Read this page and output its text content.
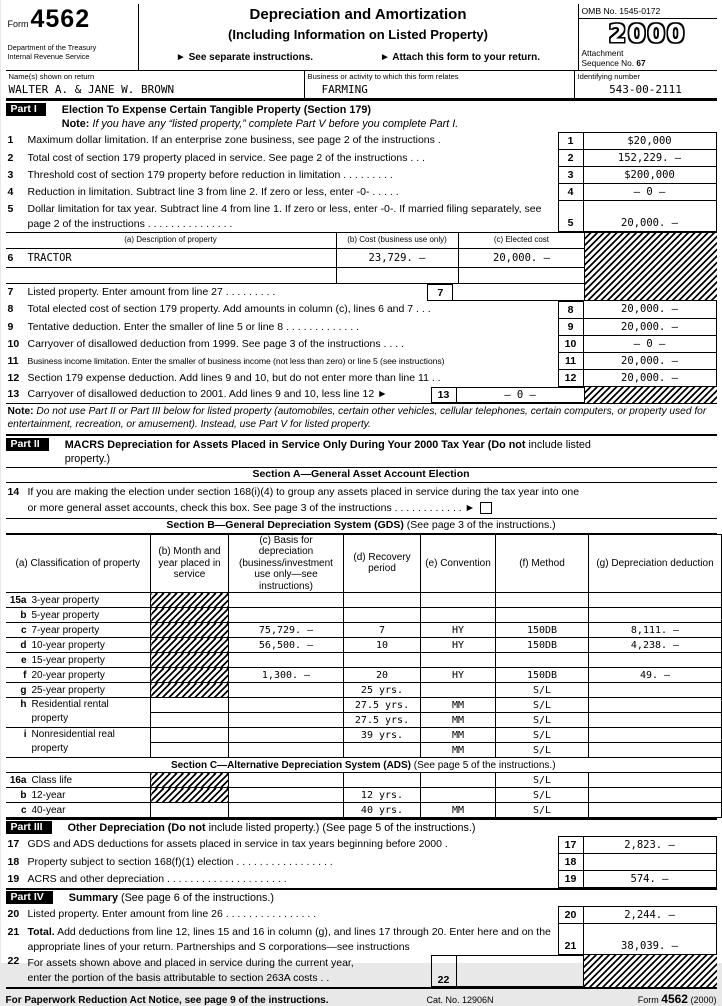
Form4562
Department of the Treasury
Internal Revenue Service
Depreciation and Amortization
(Including Information on Listed Property)
► See separate instructions.	► Attach this form to your return.
OMB No. 1545-0172
2000
Attachment
Sequence No. 67
Name(s) shown on return
WALTER A. & JANE W. BROWN
Business or activity to which this form relates
FARMING
Identifying number
543-00-2111
Part I	Election To Expense Certain Tangible Property (Section 179)
Note: If you have any “listed property,” complete Part V before you complete Part I.
1	Maximum dollar limitation. If an enterprise zone business, see page 2 of the instructions .	1	$20,000
2	Total cost of section 179 property placed in service. See page 2 of the instructions . . .	2	152,229. –
3	Threshold cost of section 179 property before reduction in limitation . . . . . . . . .	3	$200,000
4	Reduction in limitation. Subtract line 3 from line 2. If zero or less, enter -0- . . . . .	4	– 0 –
5	Dollar limitation for tax year. Subtract line 4 from line 1. If zero or less, enter -0-. If married filing separately, see page 2 of the instructions . . . . . . . . . . . . . . .	5	20,000. –
(a) Description of property	(b) Cost (business use only)	(c) Elected cost
6 TRACTOR	23,729. –	20,000. –
7	Listed property. Enter amount from line 27 . . . . . . . . .	7
8	Total elected cost of section 179 property. Add amounts in column (c), lines 6 and 7 . . .	8	20,000. –
9	Tentative deduction. Enter the smaller of line 5 or line 8 . . . . . . . . . . . . .	9	20,000. –
10 Carryover of disallowed deduction from 1999. See page 3 of the instructions . . . .	10	– 0 –
11	Business income limitation. Enter the smaller of business income (not less than zero) or line 5 (see instructions)	11	20,000. –
12 Section 179 expense deduction. Add lines 9 and 10, but do not enter more than line 11 . .	12	20,000. –
13 Carryover of disallowed deduction to 2001. Add lines 9 and 10, less line 12 ►	13	– 0 –
Note: Do not use Part II or Part III below for listed property (automobiles, certain other vehicles, cellular telephones, certain computers, or property used for entertainment, recreation, or amusement). Instead, use Part V for listed property.
Part II	MACRS Depreciation for Assets Placed in Service Only During Your 2000 Tax Year (Do not include listed property.)
Section A—General Asset Account Election
14 If you are making the election under section 168(i)(4) to group any assets placed in service during the tax year into one
or more general asset accounts, check this box. See page 3 of the instructions . . . . . . . . . . . . ►
Section B—General Depreciation System (GDS) (See page 3 of the instructions.)
(a) Classification of property	(b) Month and year placed in service	(c) Basis for depreciation (business/investment use only—see instructions)	(d) Recovery period	(e) Convention	(f) Method	(g) Depreciation deduction
15a 3-year property						
b 5-year property						
c 7-year property		75,729. –	7	HY	150DB	8,111. –
d 10-year property		56,500. –	10	HY	150DB	4,238. –
e 15-year property						
f 20-year property		1,300. –	20	HY	150DB	49. –
g 25-year property			25 yrs.		S/L	
h Residential rental property			27.5 yrs.	MM	S/L	
			27.5 yrs.	MM	S/L	
i Nonresidential real property			39 yrs.	MM	S/L	
				MM	S/L	
Section C—Alternative Depreciation System (ADS) (See page 5 of the instructions.)						
16a Class life					S/L	
b 12-year			12 yrs.		S/L	
c 40-year			40 yrs.	MM	S/L	
Part III	Other Depreciation (Do not include listed property.) (See page 5 of the instructions.)
17 GDS and ADS deductions for assets placed in service in tax years beginning before 2000 .	17	2,823. –
18 Property subject to section 168(f)(1) election . . . . . . . . . . . . . . . . .	18
19 ACRS and other depreciation . . . . . . . . . . . . . . . . . . . . .	19	574. –
Part IV	Summary (See page 6 of the instructions.)
20 Listed property. Enter amount from line 26 . . . . . . . . . . . . . . . .	20	2,244. –
21 Total. Add deductions from line 12, lines 15 and 16 in column (g), and lines 17 through 20. Enter here and on the appropriate lines of your return. Partnerships and S corporations—see instructions	21	38,039. –
22 For assets shown above and placed in service during the current year,
enter the portion of the basis attributable to section 263A costs . .	22
For Paperwork Reduction Act Notice, see page 9 of the instructions.	Cat. No. 12906N	Form 4562 (2000)
